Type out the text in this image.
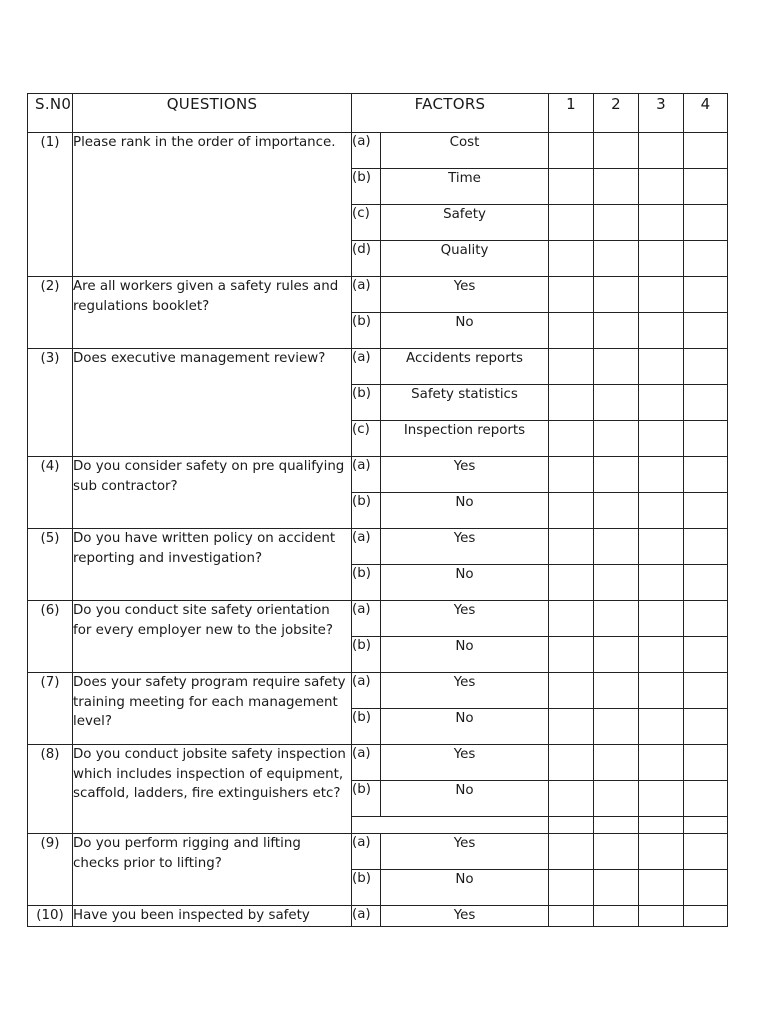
S.N0	QUESTIONS	FACTORS		1	2	3	4
(1)	Please rank in the order of importance.	(a)	Cost				
		(b)	Time				
		(c)	Safety				
		(d)	Quality				
(2)	Are all workers given a safety rules and regulations booklet?	(a)	Yes				
		(b)	No				
(3)	Does executive management review?	(a)	Accidents reports				
		(b)	Safety statistics				
		(c)	Inspection reports				
(4)	Do you consider safety on pre qualifying sub contractor?	(a)	Yes				
		(b)	No				
(5)	Do you have written policy on accident reporting and investigation?	(a)	Yes				
		(b)	No				
(6)	Do you conduct site safety orientation for every employer new to the jobsite?	(a)	Yes				
		(b)	No				
(7)	Does your safety program require safety training meeting for each management level?	(a)	Yes				
		(b)	No				
(8)	Do you conduct jobsite safety inspection which includes inspection of equipment, scaffold, ladders, fire extinguishers etc?	(a)	Yes				
		(b)	No				

(9)	Do you perform rigging and lifting checks prior to lifting?	(a)	Yes				
		(b)	No				
(10)	Have you been inspected by safety	(a)	Yes				
